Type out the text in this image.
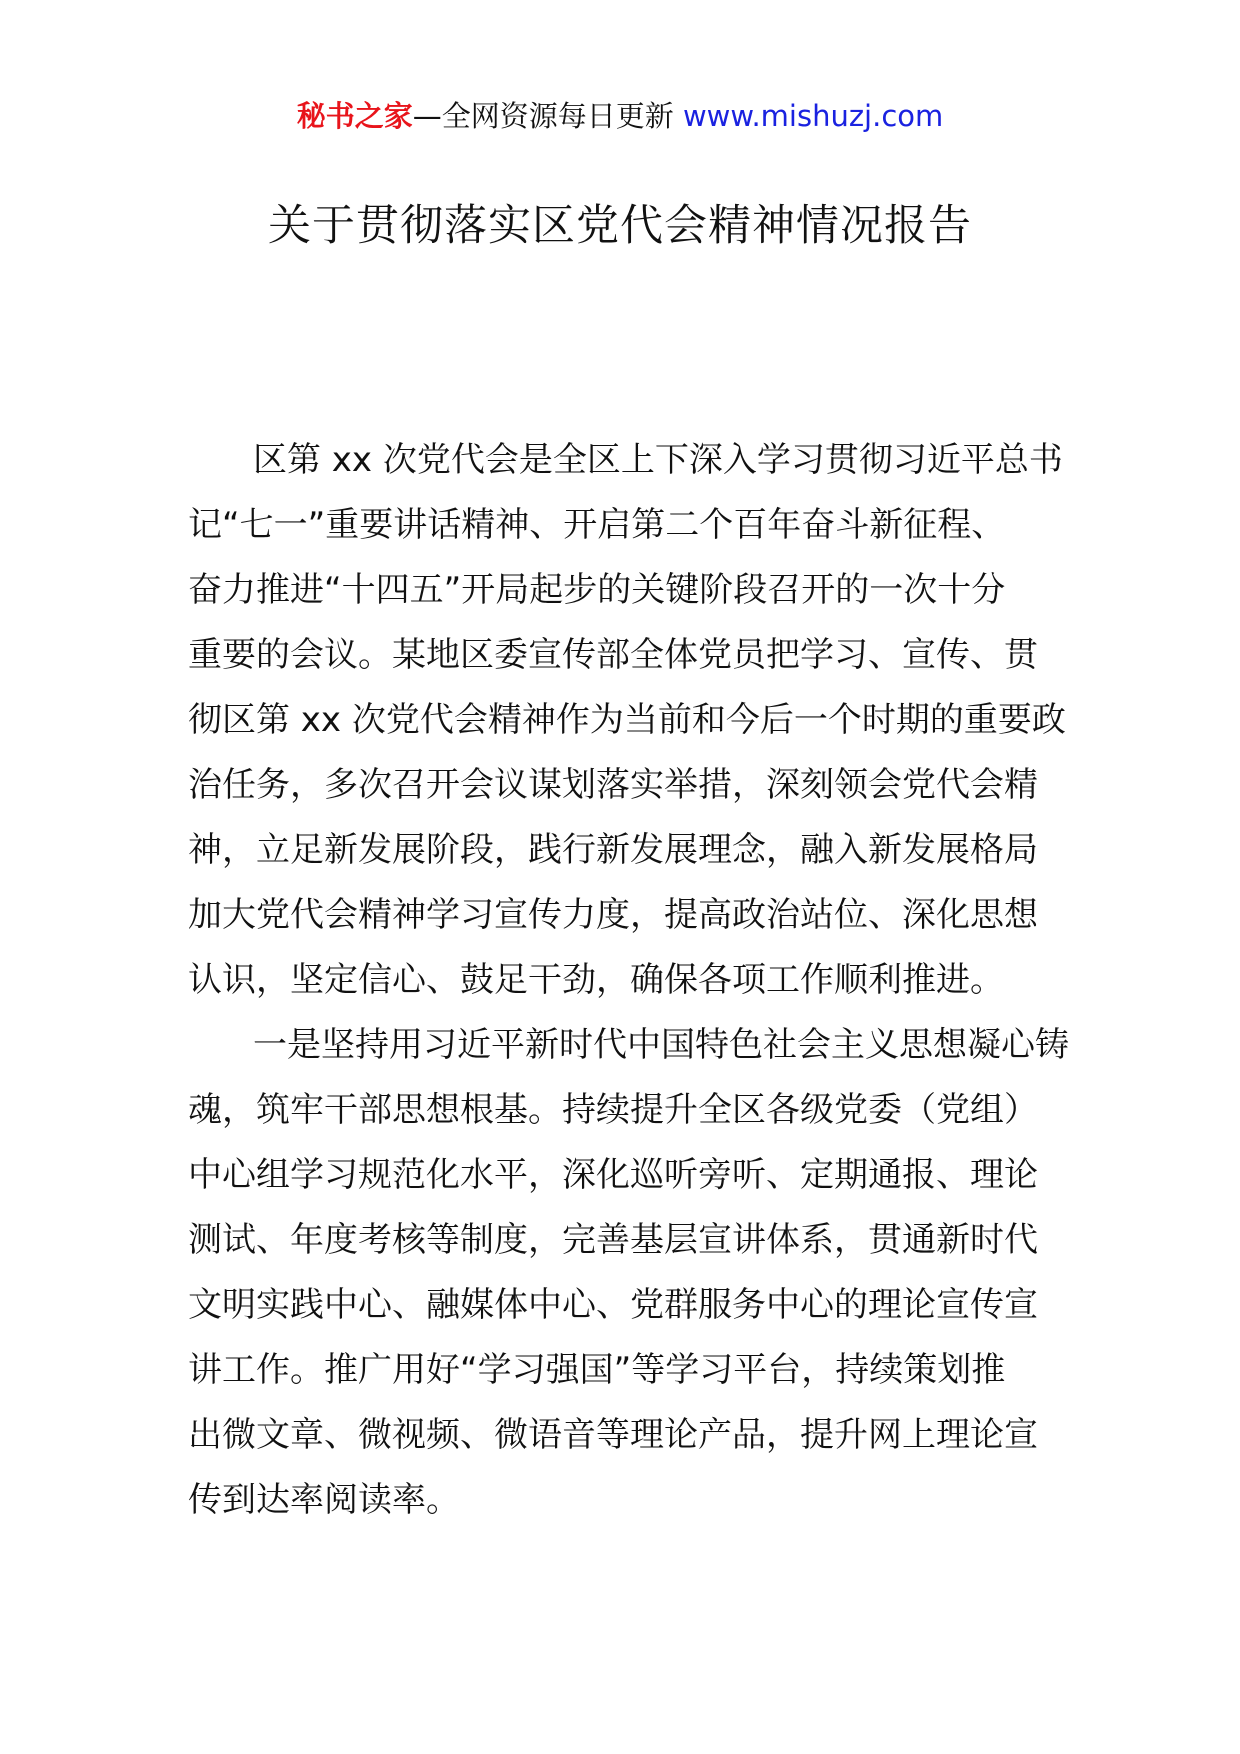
秘书之家—全网资源每日更新 www.mishuzj.com
关于贯彻落实区党代会精神情况报告
区第 xx 次党代会是全区上下深入学习贯彻习近平总书
记“七一”重要讲话精神、开启第二个百年奋斗新征程、
奋力推进“十四五”开局起步的关键阶段召开的一次十分
重要的会议。某地区委宣传部全体党员把学习、宣传、贯
彻区第 xx 次党代会精神作为当前和今后一个时期的重要政
治任务，多次召开会议谋划落实举措，深刻领会党代会精
神，立足新发展阶段，践行新发展理念，融入新发展格局
加大党代会精神学习宣传力度，提高政治站位、深化思想
认识，坚定信心、鼓足干劲，确保各项工作顺利推进。
一是坚持用习近平新时代中国特色社会主义思想凝心铸
魂，筑牢干部思想根基。持续提升全区各级党委（党组）
中心组学习规范化水平，深化巡听旁听、定期通报、理论
测试、年度考核等制度，完善基层宣讲体系，贯通新时代
文明实践中心、融媒体中心、党群服务中心的理论宣传宣
讲工作。推广用好“学习强国”等学习平台，持续策划推
出微文章、微视频、微语音等理论产品，提升网上理论宣
传到达率阅读率。
